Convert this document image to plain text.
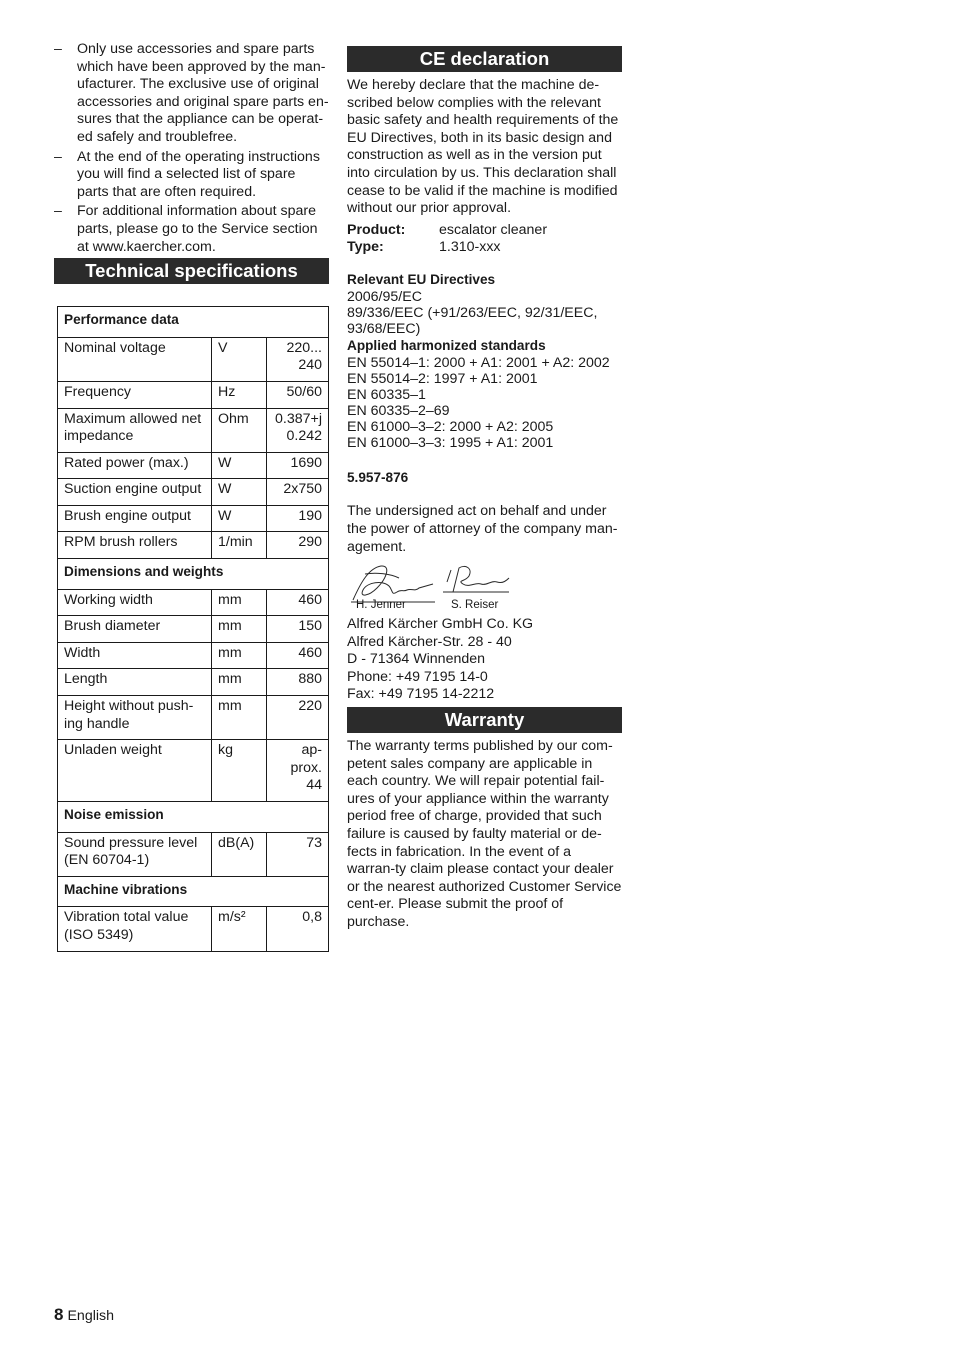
– Only use accessories and spare parts which have been approved by the man-ufacturer. The exclusive use of original accessories and original spare parts en-sures that the appliance can be operat-ed safely and troublefree.
– At the end of the operating instructions you will find a selected list of spare parts that are often required.
– For additional information about spare parts, please go to the Service section at www.kaercher.com.
Technical specifications
Performance data		
Nominal voltage	V	220... 240
Frequency	Hz	50/60
Maximum allowed net impedance	Ohm	0.387+j 0.242
Rated power (max.)	W	1690
Suction engine output	W	2x750
Brush engine output	W	190
RPM brush rollers	1/min	290
Dimensions and weights		
Working width	mm	460
Brush diameter	mm	150
Width	mm	460
Length	mm	880
Height without push-ing handle	mm	220
Unladen weight	kg	ap-prox. 44
Noise emission		
Sound pressure level (EN 60704-1)	dB(A)	73
Machine vibrations		
Vibration total value (ISO 5349)	m/s²	0,8
CE declaration

We hereby declare that the machine de-scribed below complies with the relevant basic safety and health requirements of the EU Directives, both in its basic design and construction as well as in the version put into circulation by us. This declaration shall cease to be valid if the machine is modified without our prior approval.

Product:	escalator cleaner
Type:	1.310-xxx
Relevant EU Directives
2006/95/EC
89/336/EEC (+91/263/EEC, 92/31/EEC, 93/68/EEC)
Applied harmonized standards
EN 55014–1: 2000 + A1: 2001 + A2: 2002
EN 55014–2: 1997 + A1: 2001
EN 60335–1
EN 60335–2–69
EN 61000–3–2: 2000 + A2: 2005
EN 61000–3–3: 1995 + A1: 2001
5.957-876

The undersigned act on behalf and under the power of attorney of the company man-agement.

H. Jenner	S. Reiser
Alfred Kärcher GmbH Co. KG
Alfred Kärcher-Str. 28 - 40
D - 71364 Winnenden
Phone: +49 7195 14-0
Fax: +49 7195 14-2212
Warranty

The warranty terms published by our com-petent sales company are applicable in each country. We will repair potential fail-ures of your appliance within the warranty period free of charge, provided that such failure is caused by faulty material or de-fects in fabrication. In the event of a warran-ty claim please contact your dealer or the nearest authorized Customer Service cent-er. Please submit the proof of purchase.

8 English
